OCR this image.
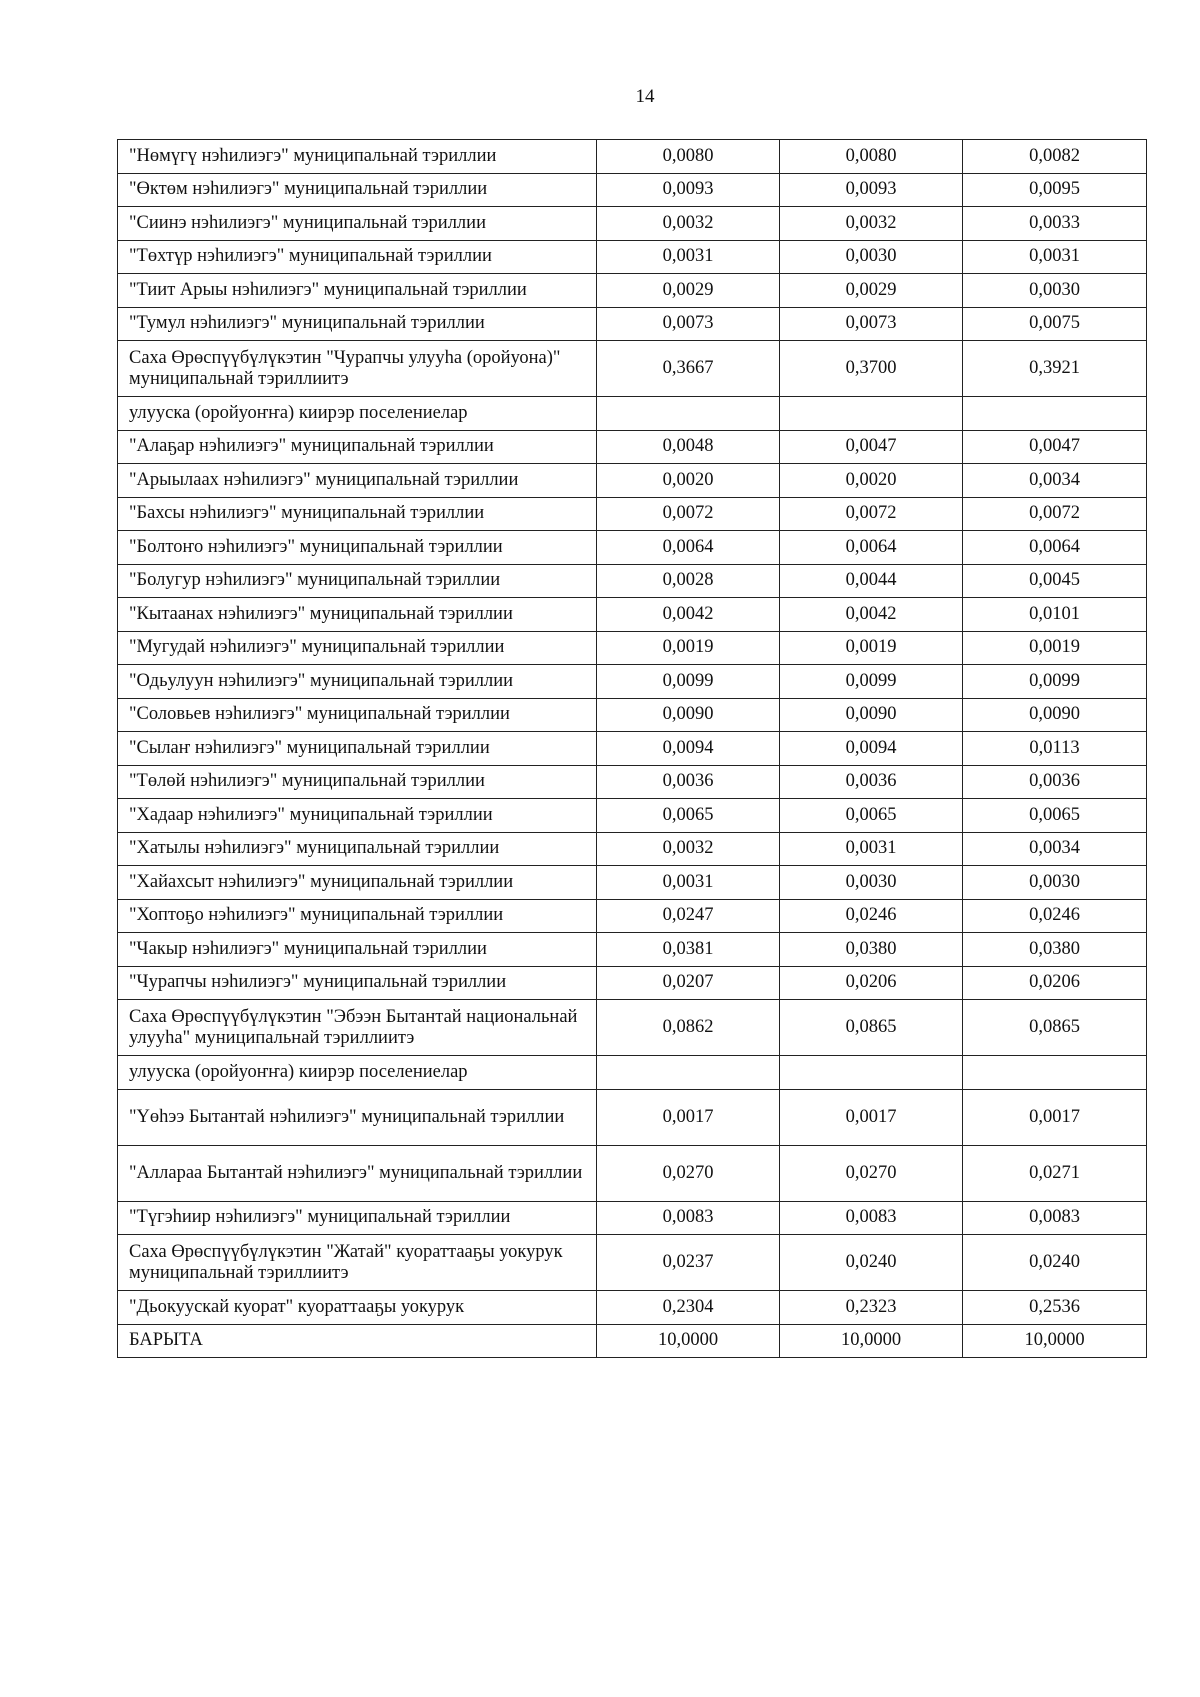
14
"Нөмүгү нэһилиэгэ" муниципальнай тэриллии	0,0080	0,0080	0,0082
"Өктөм нэһилиэгэ" муниципальнай тэриллии	0,0093	0,0093	0,0095
"Сиинэ нэһилиэгэ" муниципальнай тэриллии	0,0032	0,0032	0,0033
"Төхтүр нэһилиэгэ" муниципальнай тэриллии	0,0031	0,0030	0,0031
"Тиит Арыы нэһилиэгэ" муниципальнай тэриллии	0,0029	0,0029	0,0030
"Тумул нэһилиэгэ" муниципальнай тэриллии	0,0073	0,0073	0,0075
Саха Өрөспүүбүлүкэтин "Чурапчы улууһа (оройуона)" муниципальнай тэриллиитэ	0,3667	0,3700	0,3921
улууска (оройуоҥҥа) киирэр поселениелар			
"Алаҕар нэһилиэгэ" муниципальнай тэриллии	0,0048	0,0047	0,0047
"Арыылаах нэһилиэгэ" муниципальнай тэриллии	0,0020	0,0020	0,0034
"Бахсы нэһилиэгэ" муниципальнай тэриллии	0,0072	0,0072	0,0072
"Болтоҥо нэһилиэгэ" муниципальнай тэриллии	0,0064	0,0064	0,0064
"Болугур нэһилиэгэ" муниципальнай тэриллии	0,0028	0,0044	0,0045
"Кытаанах нэһилиэгэ" муниципальнай тэриллии	0,0042	0,0042	0,0101
"Мугудай нэһилиэгэ" муниципальнай тэриллии	0,0019	0,0019	0,0019
"Одьулуун нэһилиэгэ" муниципальнай тэриллии	0,0099	0,0099	0,0099
"Соловьев нэһилиэгэ" муниципальнай тэриллии	0,0090	0,0090	0,0090
"Сылаҥ нэһилиэгэ" муниципальнай тэриллии	0,0094	0,0094	0,0113
"Төлөй нэһилиэгэ" муниципальнай тэриллии	0,0036	0,0036	0,0036
"Хадаар нэһилиэгэ" муниципальнай тэриллии	0,0065	0,0065	0,0065
"Хатылы нэһилиэгэ" муниципальнай тэриллии	0,0032	0,0031	0,0034
"Хайахсыт нэһилиэгэ" муниципальнай тэриллии	0,0031	0,0030	0,0030
"Хоптоҕо нэһилиэгэ" муниципальнай тэриллии	0,0247	0,0246	0,0246
"Чакыр нэһилиэгэ" муниципальнай тэриллии	0,0381	0,0380	0,0380
"Чурапчы нэһилиэгэ" муниципальнай тэриллии	0,0207	0,0206	0,0206
Саха Өрөспүүбүлүкэтин "Эбээн Бытантай национальнай улууһа" муниципальнай тэриллиитэ	0,0862	0,0865	0,0865
улууска (оройуоҥҥа) киирэр поселениелар			
"Үөһээ Бытантай нэһилиэгэ" муниципальнай тэриллии	0,0017	0,0017	0,0017
"Аллараа Бытантай нэһилиэгэ" муниципальнай тэриллии	0,0270	0,0270	0,0271
"Түгэһиир нэһилиэгэ" муниципальнай тэриллии	0,0083	0,0083	0,0083
Саха Өрөспүүбүлүкэтин "Жатай" куораттааҕы уокурук муниципальнай тэриллиитэ	0,0237	0,0240	0,0240
"Дьокуускай куорат" куораттааҕы уокурук	0,2304	0,2323	0,2536
БАРЫТА	10,0000	10,0000	10,0000
